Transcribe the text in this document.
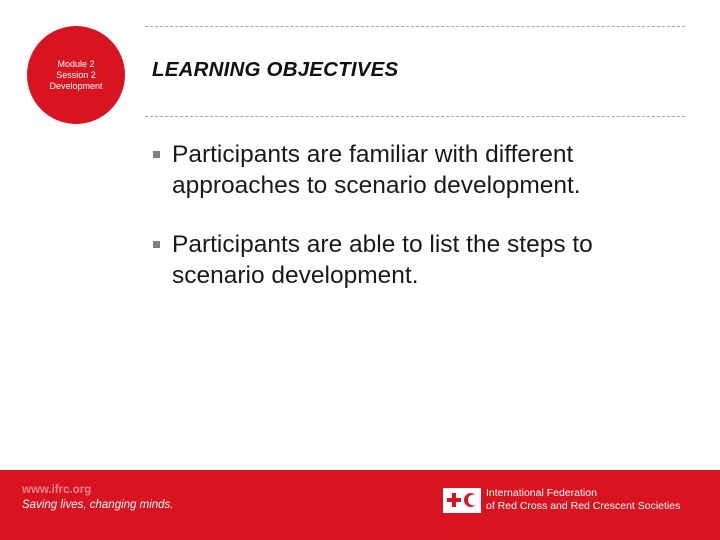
Module 2
Session 2
Development
LEARNING OBJECTIVES
Participants are familiar with different approaches to scenario development.
Participants are able to list the steps to scenario development.
www.ifrc.org
Saving lives, changing minds.
International Federation
of Red Cross and Red Crescent Societies
